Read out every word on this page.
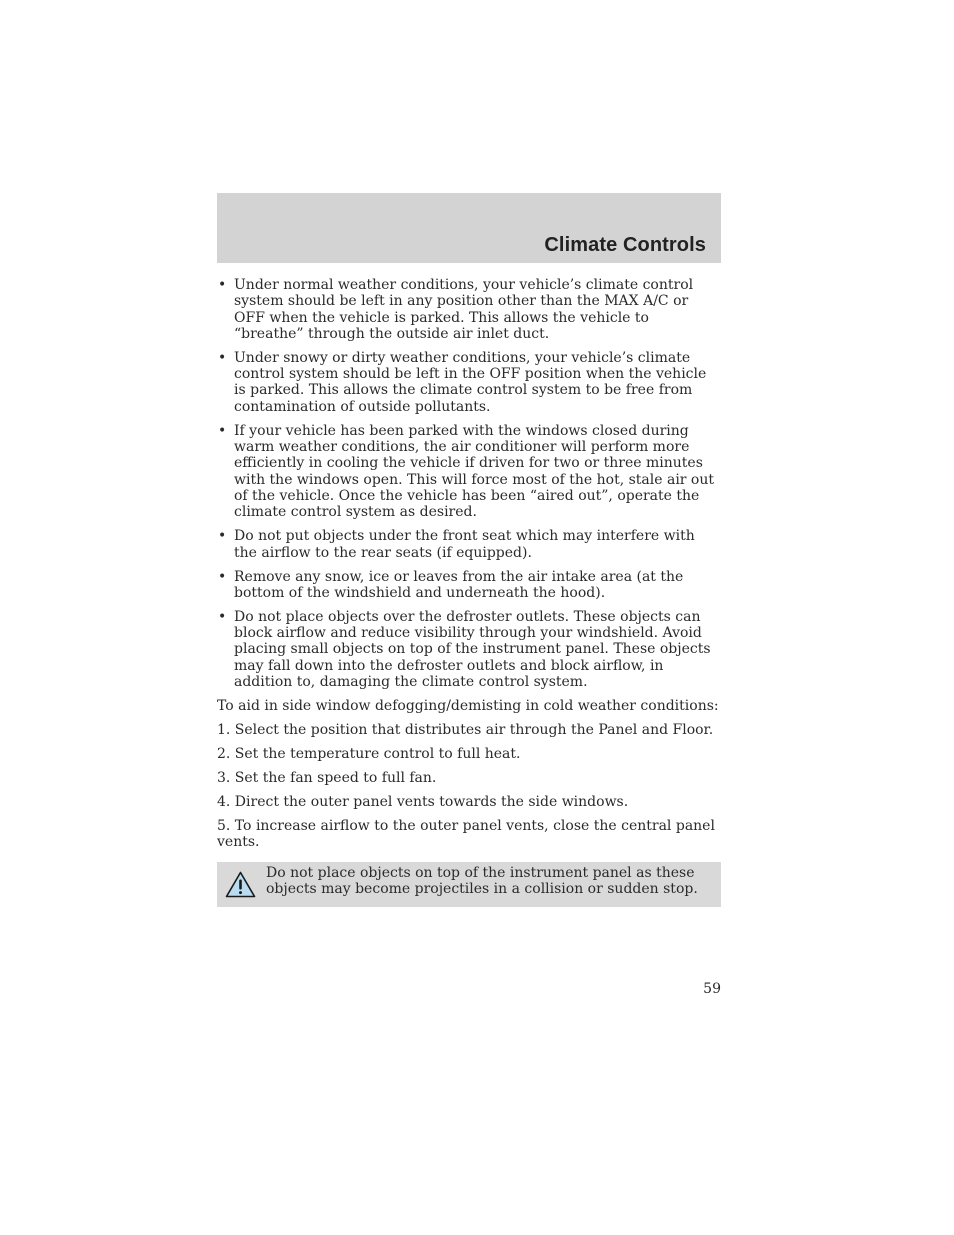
Climate Controls
• Under normal weather conditions, your vehicle’s climate control system should be left in any position other than the MAX A/C or OFF when the vehicle is parked. This allows the vehicle to “breathe” through the outside air inlet duct.
• Under snowy or dirty weather conditions, your vehicle’s climate control system should be left in the OFF position when the vehicle is parked. This allows the climate control system to be free from contamination of outside pollutants.
• If your vehicle has been parked with the windows closed during warm weather conditions, the air conditioner will perform more efficiently in cooling the vehicle if driven for two or three minutes with the windows open. This will force most of the hot, stale air out of the vehicle. Once the vehicle has been “aired out”, operate the climate control system as desired.
• Do not put objects under the front seat which may interfere with the airflow to the rear seats (if equipped).
• Remove any snow, ice or leaves from the air intake area (at the bottom of the windshield and underneath the hood).
• Do not place objects over the defroster outlets. These objects can block airflow and reduce visibility through your windshield. Avoid placing small objects on top of the instrument panel. These objects may fall down into the defroster outlets and block airflow, in addition to, damaging the climate control system.

To aid in side window defogging/demisting in cold weather conditions:

1. Select the position that distributes air through the Panel and Floor.

2. Set the temperature control to full heat.

3. Set the fan speed to full fan.

4. Direct the outer panel vents towards the side windows.

5. To increase airflow to the outer panel vents, close the central panel vents.

Do not place objects on top of the instrument panel as these objects may become projectiles in a collision or sudden stop.
59
